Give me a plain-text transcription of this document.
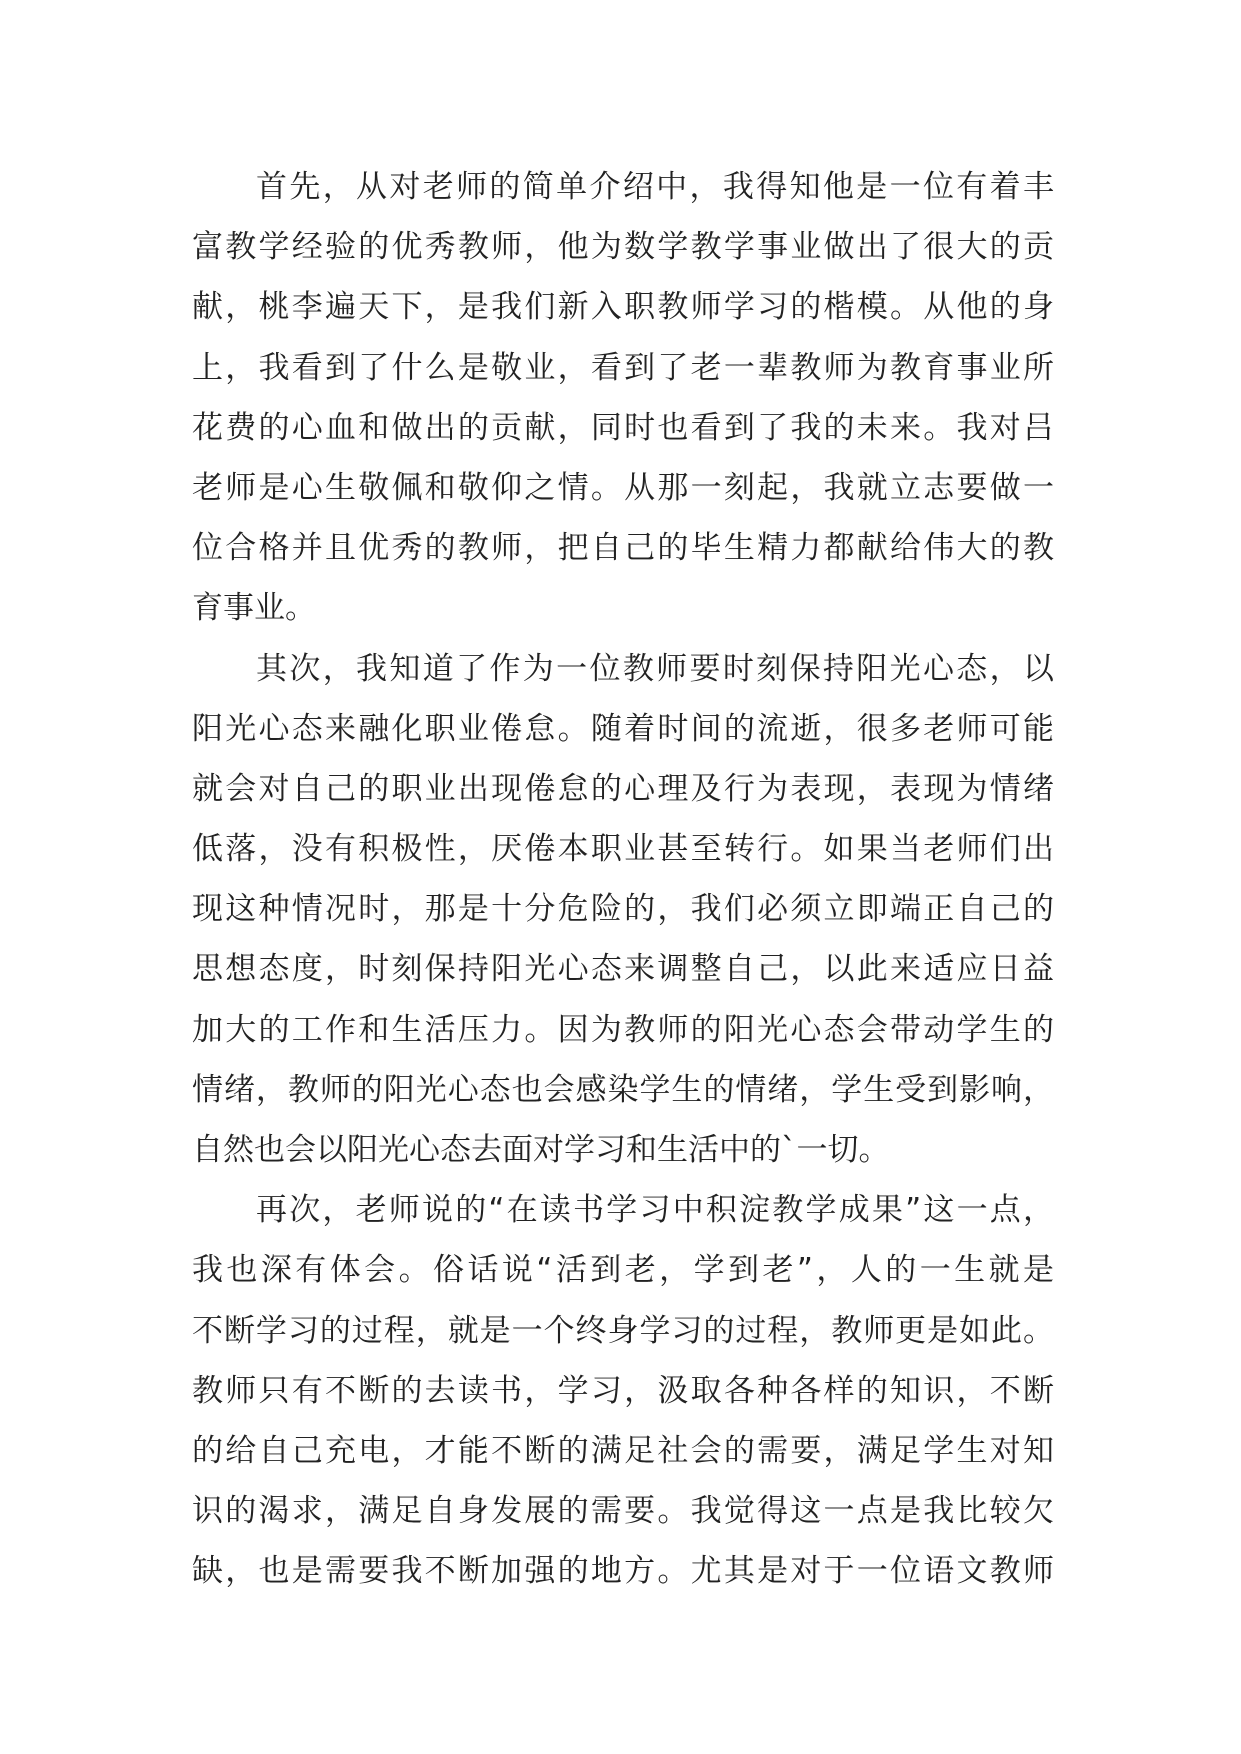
首先，从对老师的简单介绍中，我得知他是一位有着丰
富教学经验的优秀教师，他为数学教学事业做出了很大的贡
献，桃李遍天下，是我们新入职教师学习的楷模。从他的身
上，我看到了什么是敬业，看到了老一辈教师为教育事业所
花费的心血和做出的贡献，同时也看到了我的未来。我对吕
老师是心生敬佩和敬仰之情。从那一刻起，我就立志要做一
位合格并且优秀的教师，把自己的毕生精力都献给伟大的教
育事业。
其次，我知道了作为一位教师要时刻保持阳光心态，以
阳光心态来融化职业倦怠。随着时间的流逝，很多老师可能
就会对自己的职业出现倦怠的心理及行为表现，表现为情绪
低落，没有积极性，厌倦本职业甚至转行。如果当老师们出
现这种情况时，那是十分危险的，我们必须立即端正自己的
思想态度，时刻保持阳光心态来调整自己，以此来适应日益
加大的工作和生活压力。因为教师的阳光心态会带动学生的
情绪，教师的阳光心态也会感染学生的情绪，学生受到影响，
自然也会以阳光心态去面对学习和生活中的`一切。
再次，老师说的“在读书学习中积淀教学成果”这一点，
我也深有体会。俗话说“活到老，学到老”，人的一生就是
不断学习的过程，就是一个终身学习的过程，教师更是如此。
教师只有不断的去读书，学习，汲取各种各样的知识，不断
的给自己充电，才能不断的满足社会的需要，满足学生对知
识的渴求，满足自身发展的需要。我觉得这一点是我比较欠
缺，也是需要我不断加强的地方。尤其是对于一位语文教师
